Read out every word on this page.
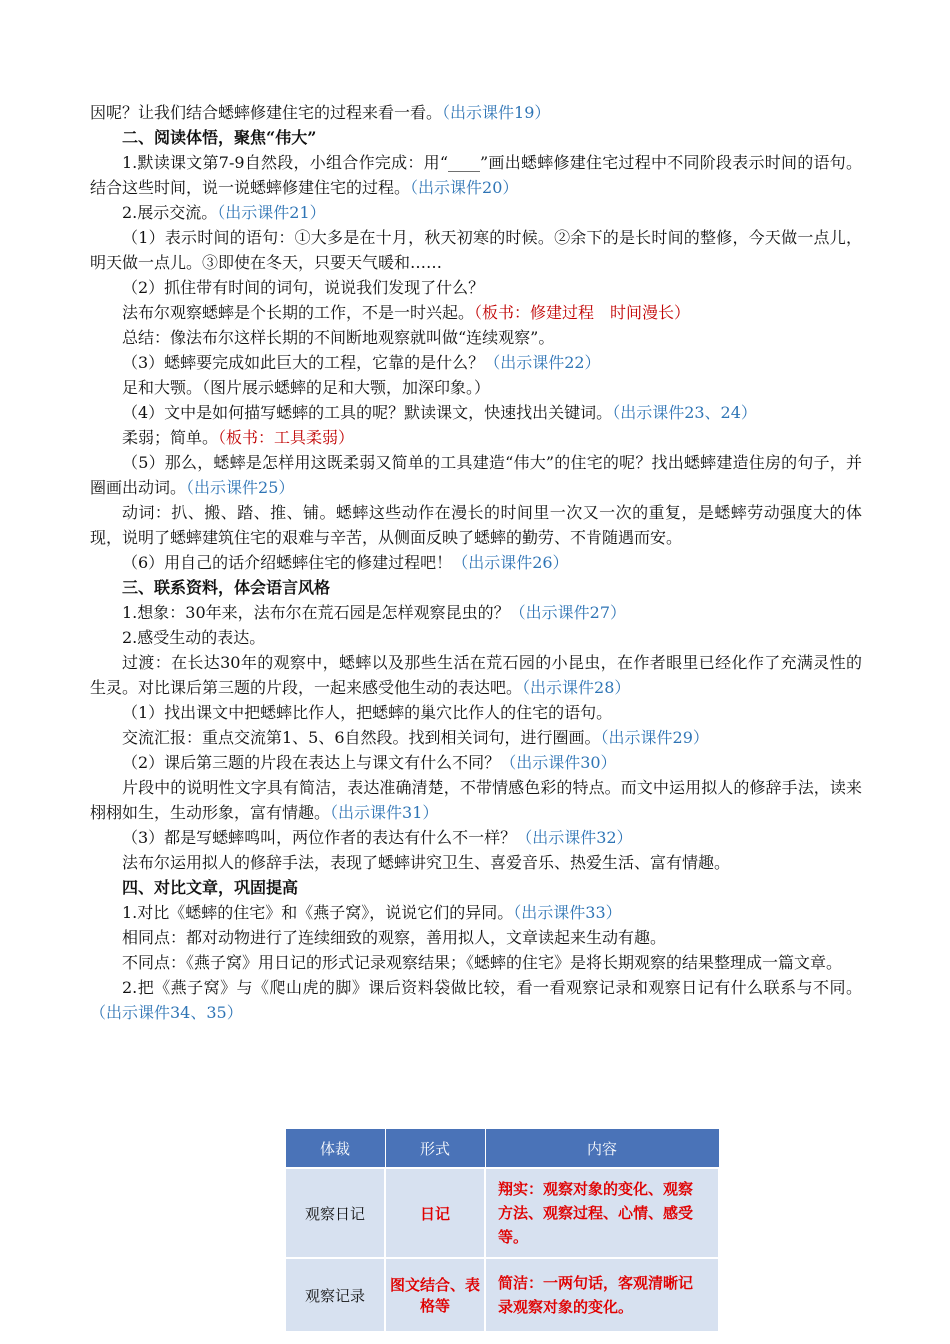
因呢？让我们结合蟋蟀修建住宅的过程来看一看。（出示课件19）

二、阅读体悟，聚焦“伟大”

1.默读课文第7-9自然段，小组合作完成：用“____”画出蟋蟀修建住宅过程中不同阶段表示时间的语句。结合这些时间，说一说蟋蟀修建住宅的过程。（出示课件20）

2.展示交流。（出示课件21）

（1）表示时间的语句：①大多是在十月，秋天初寒的时候。②余下的是长时间的整修，今天做一点儿，明天做一点儿。③即使在冬天，只要天气暖和……

（2）抓住带有时间的词句，说说我们发现了什么？

法布尔观察蟋蟀是个长期的工作，不是一时兴起。（板书：修建过程　时间漫长）

总结：像法布尔这样长期的不间断地观察就叫做“连续观察”。

（3）蟋蟀要完成如此巨大的工程，它靠的是什么？（出示课件22）

足和大颚。（图片展示蟋蟀的足和大颚，加深印象。）

（4）文中是如何描写蟋蟀的工具的呢？默读课文，快速找出关键词。（出示课件23、24）

柔弱；简单。（板书：工具柔弱）

（5）那么，蟋蟀是怎样用这既柔弱又简单的工具建造“伟大”的住宅的呢？找出蟋蟀建造住房的句子，并圈画出动词。（出示课件25）

动词：扒、搬、踏、推、铺。蟋蟀这些动作在漫长的时间里一次又一次的重复，是蟋蟀劳动强度大的体现，说明了蟋蟀建筑住宅的艰难与辛苦，从侧面反映了蟋蟀的勤劳、不肯随遇而安。

（6）用自己的话介绍蟋蟀住宅的修建过程吧！（出示课件26）

三、联系资料，体会语言风格

1.想象：30年来，法布尔在荒石园是怎样观察昆虫的？（出示课件27）

2.感受生动的表达。

过渡：在长达30年的观察中，蟋蟀以及那些生活在荒石园的小昆虫，在作者眼里已经化作了充满灵性的生灵。对比课后第三题的片段，一起来感受他生动的表达吧。（出示课件28）

（1）找出课文中把蟋蟀比作人，把蟋蟀的巢穴比作人的住宅的语句。

交流汇报：重点交流第1、5、6自然段。找到相关词句，进行圈画。（出示课件29）

（2）课后第三题的片段在表达上与课文有什么不同？（出示课件30）

片段中的说明性文字具有简洁，表达准确清楚，不带情感色彩的特点。而文中运用拟人的修辞手法，读来栩栩如生，生动形象，富有情趣。（出示课件31）

（3）都是写蟋蟀鸣叫，两位作者的表达有什么不一样？（出示课件32）

法布尔运用拟人的修辞手法，表现了蟋蟀讲究卫生、喜爱音乐、热爱生活、富有情趣。

四、对比文章，巩固提高

1.对比《蟋蟀的住宅》和《燕子窝》，说说它们的异同。（出示课件33）

相同点：都对动物进行了连续细致的观察，善用拟人，文章读起来生动有趣。

不同点：《燕子窝》用日记的形式记录观察结果；《蟋蟀的住宅》是将长期观察的结果整理成一篇文章。

2.把《燕子窝》与《爬山虎的脚》课后资料袋做比较，看一看观察记录和观察日记有什么联系与不同。（出示课件34、35）

体裁	形式	内容
观察日记	日记	翔实：观察对象的变化、观察方法、观察过程、心情、感受等。
观察记录	图文结合、表格等	简洁：一两句话，客观清晰记录观察对象的变化。
